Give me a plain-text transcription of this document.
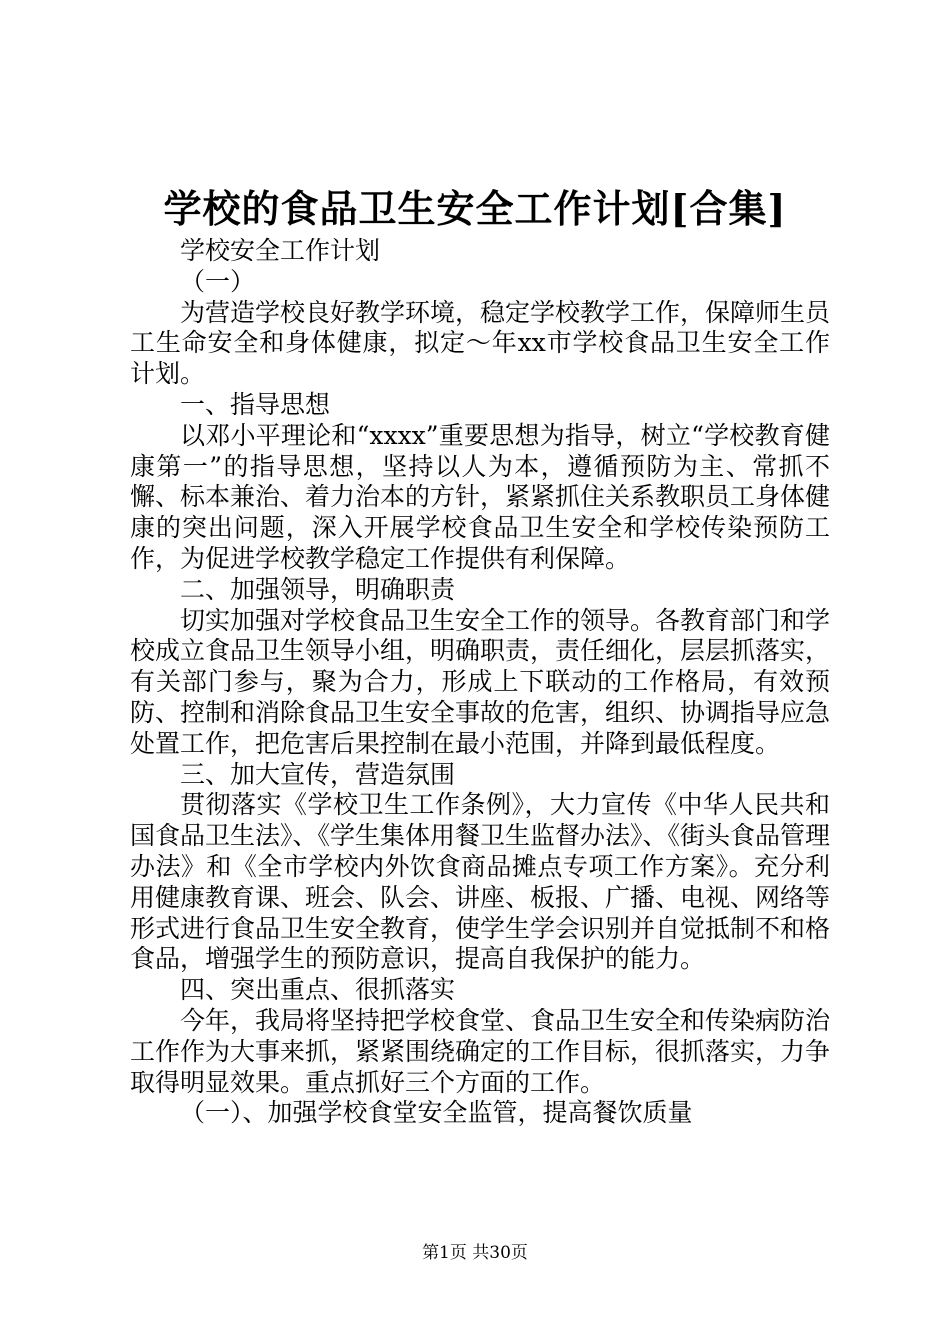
学校的食品卫生安全工作计划[合集]

学校安全工作计划

（一）

为营造学校良好教学环境，稳定学校教学工作，保障师生员工生命安全和身体健康，拟定～年xx市学校食品卫生安全工作计划。

一、指导思想

以邓小平理论和“xxxx”重要思想为指导，树立“学校教育健康第一”的指导思想，坚持以人为本，遵循预防为主、常抓不懈、标本兼治、着力治本的方针，紧紧抓住关系教职员工身体健康的突出问题，深入开展学校食品卫生安全和学校传染预防工作，为促进学校教学稳定工作提供有利保障。

二、加强领导，明确职责

切实加强对学校食品卫生安全工作的领导。各教育部门和学校成立食品卫生领导小组，明确职责，责任细化，层层抓落实，有关部门参与，聚为合力，形成上下联动的工作格局，有效预防、控制和消除食品卫生安全事故的危害，组织、协调指导应急处置工作，把危害后果控制在最小范围，并降到最低程度。

三、加大宣传，营造氛围

贯彻落实《学校卫生工作条例》，大力宣传《中华人民共和国食品卫生法》、《学生集体用餐卫生监督办法》、《街头食品管理办法》和《全市学校内外饮食商品摊点专项工作方案》。充分利用健康教育课、班会、队会、讲座、板报、广播、电视、网络等形式进行食品卫生安全教育，使学生学会识别并自觉抵制不和格食品，增强学生的预防意识，提高自我保护的能力。

四、突出重点、很抓落实

今年，我局将坚持把学校食堂、食品卫生安全和传染病防治工作作为大事来抓，紧紧围绕确定的工作目标，很抓落实，力争取得明显效果。重点抓好三个方面的工作。

（一）、加强学校食堂安全监管，提高餐饮质量

第1页 共30页
